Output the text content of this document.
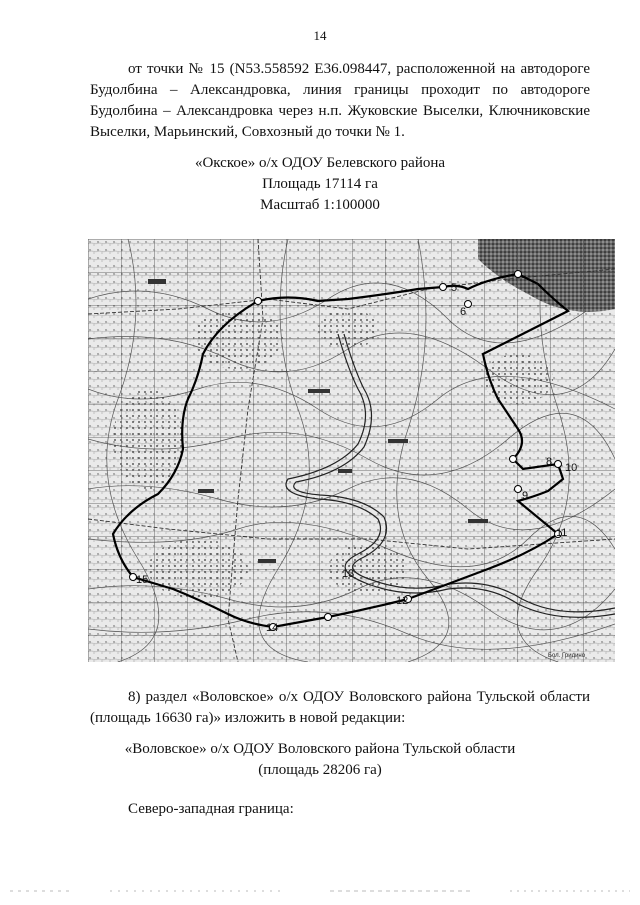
14

от точки № 15 (N53.558592 E36.098447, расположенной на автодороге Будолбина – Александровка, линия границы проходит по автодороге Будолбина – Александровка через н.п. Жуковские Выселки, Ключниковские Выселки, Марьинский, Совхозный до точки № 1.

«Окское» о/х ОДОУ Белевского района
Площадь 17114 га
Масштаб 1:100000
5
6
8
9
10
11
13
14
15
12
Бол. Гридино

8) раздел «Воловское» о/х ОДОУ Воловского района Тульской области (площадь 16630 га)» изложить в новой редакции:

«Воловское» о/х ОДОУ Воловского района Тульской области
(площадь 28206 га)
Северо-западная граница:
